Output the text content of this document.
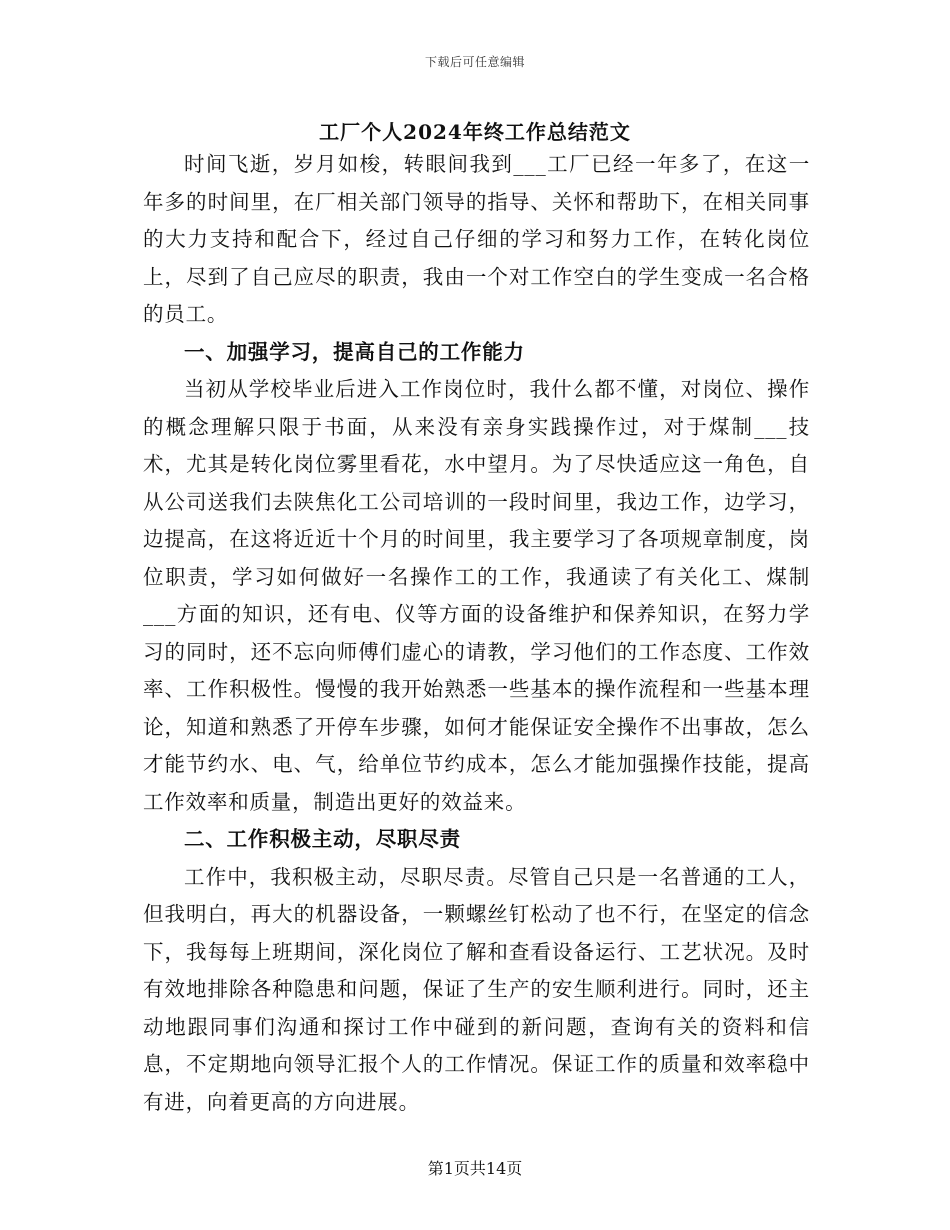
下载后可任意编辑
工厂个人2024年终工作总结范文

时间飞逝，岁月如梭，转眼间我到___工厂已经一年多了，在这一年多的时间里，在厂相关部门领导的指导、关怀和帮助下，在相关同事的大力支持和配合下，经过自己仔细的学习和努力工作，在转化岗位上，尽到了自己应尽的职责，我由一个对工作空白的学生变成一名合格的员工。

一、加强学习，提高自己的工作能力

当初从学校毕业后进入工作岗位时，我什么都不懂，对岗位、操作的概念理解只限于书面，从来没有亲身实践操作过，对于煤制___技术，尤其是转化岗位雾里看花，水中望月。为了尽快适应这一角色，自从公司送我们去陕焦化工公司培训的一段时间里，我边工作，边学习，边提高，在这将近近十个月的时间里，我主要学习了各项规章制度，岗位职责，学习如何做好一名操作工的工作，我通读了有关化工、煤制___方面的知识，还有电、仪等方面的设备维护和保养知识，在努力学习的同时，还不忘向师傅们虚心的请教，学习他们的工作态度、工作效率、工作积极性。慢慢的我开始熟悉一些基本的操作流程和一些基本理论，知道和熟悉了开停车步骤，如何才能保证安全操作不出事故，怎么才能节约水、电、气，给单位节约成本，怎么才能加强操作技能，提高工作效率和质量，制造出更好的效益来。

二、工作积极主动，尽职尽责

工作中，我积极主动，尽职尽责。尽管自己只是一名普通的工人，但我明白，再大的机器设备，一颗螺丝钉松动了也不行，在坚定的信念下，我每每上班期间，深化岗位了解和查看设备运行、工艺状况。及时有效地排除各种隐患和问题，保证了生产的安生顺利进行。同时，还主动地跟同事们沟通和探讨工作中碰到的新问题，查询有关的资料和信息，不定期地向领导汇报个人的工作情况。保证工作的质量和效率稳中有进，向着更高的方向进展。

第1页共14页
